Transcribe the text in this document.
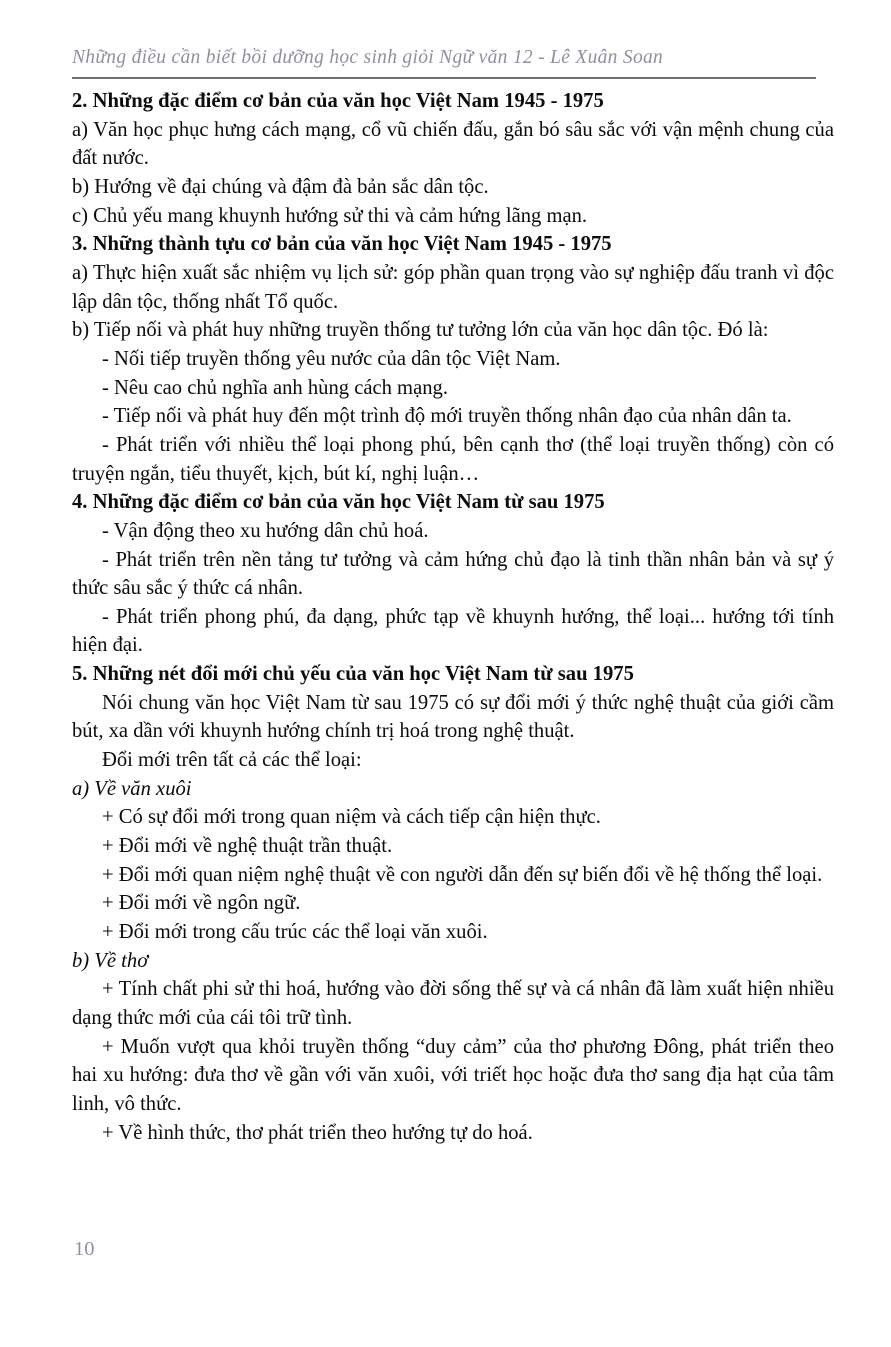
Những điều cần biết bồi dưỡng học sinh giỏi Ngữ văn 12 - Lê Xuân Soan

2. Những đặc điểm cơ bản của văn học Việt Nam 1945 - 1975

a) Văn học phục hưng cách mạng, cổ vũ chiến đấu, gắn bó sâu sắc với vận mệnh chung của đất nước.

b) Hướng về đại chúng và đậm đà bản sắc dân tộc.

c) Chủ yếu mang khuynh hướng sử thi và cảm hứng lãng mạn.

3. Những thành tựu cơ bản của văn học Việt Nam 1945 - 1975

a) Thực hiện xuất sắc nhiệm vụ lịch sử: góp phần quan trọng vào sự nghiệp đấu tranh vì độc lập dân tộc, thống nhất Tổ quốc.

b) Tiếp nối và phát huy những truyền thống tư tưởng lớn của văn học dân tộc. Đó là:

- Nối tiếp truyền thống yêu nước của dân tộc Việt Nam.

- Nêu cao chủ nghĩa anh hùng cách mạng.

- Tiếp nối và phát huy đến một trình độ mới truyền thống nhân đạo của nhân dân ta.

- Phát triển với nhiều thể loại phong phú, bên cạnh thơ (thể loại truyền thống) còn có truyện ngắn, tiểu thuyết, kịch, bút kí, nghị luận…

4. Những đặc điểm cơ bản của văn học Việt Nam từ sau 1975

- Vận động theo xu hướng dân chủ hoá.

- Phát triển trên nền tảng tư tưởng và cảm hứng chủ đạo là tinh thần nhân bản và sự ý thức sâu sắc ý thức cá nhân.

- Phát triển phong phú, đa dạng, phức tạp về khuynh hướng, thể loại... hướng tới tính hiện đại.

5. Những nét đổi mới chủ yếu của văn học Việt Nam từ sau 1975

Nói chung văn học Việt Nam từ sau 1975 có sự đổi mới ý thức nghệ thuật của giới cầm bút, xa dần với khuynh hướng chính trị hoá trong nghệ thuật.

Đổi mới trên tất cả các thể loại:

a) Về văn xuôi

+ Có sự đổi mới trong quan niệm và cách tiếp cận hiện thực.

+ Đổi mới về nghệ thuật trần thuật.

+ Đổi mới quan niệm nghệ thuật về con người dẫn đến sự biến đổi về hệ thống thể loại.

+ Đổi mới về ngôn ngữ.

+ Đổi mới trong cấu trúc các thể loại văn xuôi.

b) Về thơ

+ Tính chất phi sử thi hoá, hướng vào đời sống thế sự và cá nhân đã làm xuất hiện nhiều dạng thức mới của cái tôi trữ tình.

+ Muốn vượt qua khỏi truyền thống “duy cảm” của thơ phương Đông, phát triển theo hai xu hướng: đưa thơ về gần với văn xuôi, với triết học hoặc đưa thơ sang địa hạt của tâm linh, vô thức.

+ Về hình thức, thơ phát triển theo hướng tự do hoá.

10
